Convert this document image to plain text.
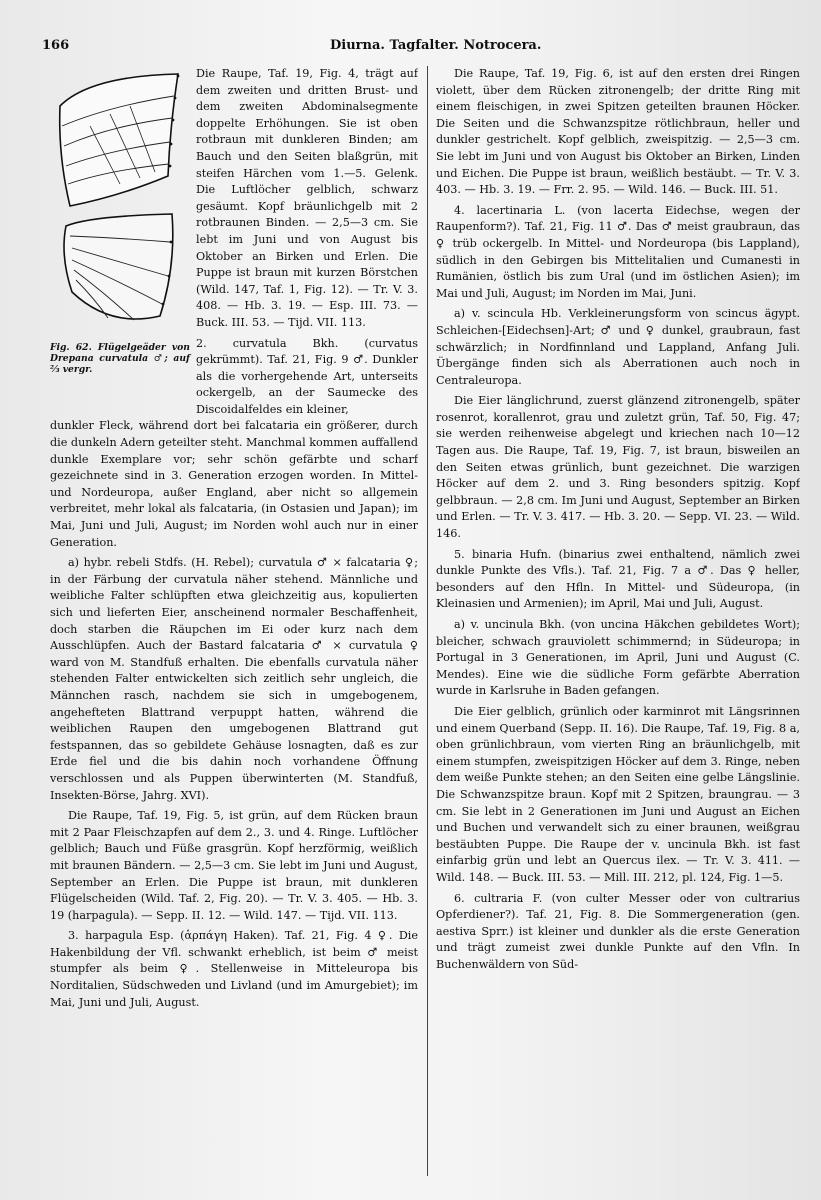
166	Diurna. Tagfalter. Notrocera.
Fig. 62. Flügelgeäder von Drepana curvatula ♂; auf ⅔ vergr.

Die Raupe, Taf. 19, Fig. 4, trägt auf dem zweiten und dritten Brust- und dem zweiten Abdominalsegmente doppelte Erhöhungen. Sie ist oben rotbraun mit dunkleren Binden; am Bauch und den Seiten blaßgrün, mit steifen Härchen vom 1.—5. Gelenk. Die Luftlöcher gelblich, schwarz gesäumt. Kopf bräunlichgelb mit 2 rotbraunen Binden. — 2,5—3 cm. Sie lebt im Juni und von August bis Oktober an Birken und Erlen. Die Puppe ist braun mit kurzen Börstchen (Wild. 147, Taf. 1, Fig. 12). — Tr. V. 3. 408. — Hb. 3. 19. — Esp. III. 73. — Buck. III. 53. — Tijd. VII. 113.

2. curvatula Bkh. (curvatus gekrümmt). Taf. 21, Fig. 9 ♂. Dunkler als die vorhergehende Art, unterseits ockergelb, an der Saumecke des Discoidalfeldes ein kleiner,

dunkler Fleck, während dort bei falcataria ein größerer, durch die dunkeln Adern geteilter steht. Manchmal kommen auffallend dunkle Exemplare vor; sehr schön gefärbte und scharf gezeichnete sind in 3. Generation erzogen worden. In Mittel- und Nordeuropa, außer England, aber nicht so allgemein verbreitet, mehr lokal als falcataria, (in Ostasien und Japan); im Mai, Juni und Juli, August; im Norden wohl auch nur in einer Generation.

a) hybr. rebeli Stdfs. (H. Rebel); curvatula ♂ × falcataria ♀; in der Färbung der curvatula näher stehend. Männliche und weibliche Falter schlüpften etwa gleichzeitig aus, kopulierten sich und lieferten Eier, anscheinend normaler Beschaffenheit, doch starben die Räupchen im Ei oder kurz nach dem Ausschlüpfen. Auch der Bastard falcataria ♂ × curvatula ♀ ward von M. Standfuß erhalten. Die ebenfalls curvatula näher stehenden Falter entwickelten sich zeitlich sehr ungleich, die Männchen rasch, nachdem sie sich in umgebogenem, angehefteten Blattrand verpuppt hatten, während die weiblichen Raupen den umgebogenen Blattrand gut festspannen, das so gebildete Gehäuse losnagten, daß es zur Erde fiel und die bis dahin noch vorhandene Öffnung verschlossen und als Puppen überwinterten (M. Standfuß, Insekten-Börse, Jahrg. XVI).

Die Raupe, Taf. 19, Fig. 5, ist grün, auf dem Rücken braun mit 2 Paar Fleischzapfen auf dem 2., 3. und 4. Ringe. Luftlöcher gelblich; Bauch und Füße grasgrün. Kopf herzförmig, weißlich mit braunen Bändern. — 2,5—3 cm. Sie lebt im Juni und August, September an Erlen. Die Puppe ist braun, mit dunkleren Flügelscheiden (Wild. Taf. 2, Fig. 20). — Tr. V. 3. 405. — Hb. 3. 19 (harpagula). — Sepp. II. 12. — Wild. 147. — Tijd. VII. 113.

3. harpagula Esp. (ἁρπάγη Haken). Taf. 21, Fig. 4 ♀. Die Hakenbildung der Vfl. schwankt erheblich, ist beim ♂ meist stumpfer als beim ♀. Stellenweise in Mitteleuropa bis Norditalien, Südschweden und Livland (und im Amurgebiet); im Mai, Juni und Juli, August.

Die Raupe, Taf. 19, Fig. 6, ist auf den ersten drei Ringen violett, über dem Rücken zitronengelb; der dritte Ring mit einem fleischigen, in zwei Spitzen geteilten braunen Höcker. Die Seiten und die Schwanzspitze rötlichbraun, heller und dunkler gestrichelt. Kopf gelblich, zweispitzig. — 2,5—3 cm. Sie lebt im Juni und von August bis Oktober an Birken, Linden und Eichen. Die Puppe ist braun, weißlich bestäubt. — Tr. V. 3. 403. — Hb. 3. 19. — Frr. 2. 95. — Wild. 146. — Buck. III. 51.

4. lacertinaria L. (von lacerta Eidechse, wegen der Raupenform?). Taf. 21, Fig. 11 ♂. Das ♂ meist graubraun, das ♀ trüb ockergelb. In Mittel- und Nordeuropa (bis Lappland), südlich in den Gebirgen bis Mittelitalien und Cumanesti in Rumänien, östlich bis zum Ural (und im östlichen Asien); im Mai und Juli, August; im Norden im Mai, Juni.

a) v. scincula Hb. Verkleinerungsform von scincus ägypt. Schleichen-[Eidechsen]-Art; ♂ und ♀ dunkel, graubraun, fast schwärzlich; in Nordfinnland und Lappland, Anfang Juli. Übergänge finden sich als Aberrationen auch noch in Centraleuropa.

Die Eier länglichrund, zuerst glänzend zitronengelb, später rosenrot, korallenrot, grau und zuletzt grün, Taf. 50, Fig. 47; sie werden reihenweise abgelegt und kriechen nach 10—12 Tagen aus. Die Raupe, Taf. 19, Fig. 7, ist braun, bisweilen an den Seiten etwas grünlich, bunt gezeichnet. Die warzigen Höcker auf dem 2. und 3. Ring besonders spitzig. Kopf gelbbraun. — 2,8 cm. Im Juni und August, September an Birken und Erlen. — Tr. V. 3. 417. — Hb. 3. 20. — Sepp. VI. 23. — Wild. 146.

5. binaria Hufn. (binarius zwei enthaltend, nämlich zwei dunkle Punkte des Vfls.). Taf. 21, Fig. 7 a ♂. Das ♀ heller, besonders auf den Hfln. In Mittel- und Südeuropa, (in Kleinasien und Armenien); im April, Mai und Juli, August.

a) v. uncinula Bkh. (von uncina Häkchen gebildetes Wort); bleicher, schwach grauviolett schimmernd; in Südeuropa; in Portugal in 3 Generationen, im April, Juni und August (C. Mendes). Eine wie die südliche Form gefärbte Aberration wurde in Karlsruhe in Baden gefangen.

Die Eier gelblich, grünlich oder karminrot mit Längsrinnen und einem Querband (Sepp. II. 16). Die Raupe, Taf. 19, Fig. 8 a, oben grünlichbraun, vom vierten Ring an bräunlichgelb, mit einem stumpfen, zweispitzigen Höcker auf dem 3. Ringe, neben dem weiße Punkte stehen; an den Seiten eine gelbe Längslinie. Die Schwanzspitze braun. Kopf mit 2 Spitzen, braungrau. — 3 cm. Sie lebt in 2 Generationen im Juni und August an Eichen und Buchen und verwandelt sich zu einer braunen, weißgrau bestäubten Puppe. Die Raupe der v. uncinula Bkh. ist fast einfarbig grün und lebt an Quercus ilex. — Tr. V. 3. 411. — Wild. 148. — Buck. III. 53. — Mill. III. 212, pl. 124, Fig. 1—5.

6. cultraria F. (von culter Messer oder von cultrarius Opferdiener?). Taf. 21, Fig. 8. Die Sommergeneration (gen. aestiva Sprr.) ist kleiner und dunkler als die erste Generation und trägt zumeist zwei dunkle Punkte auf den Vfln. In Buchenwäldern von Süd-
